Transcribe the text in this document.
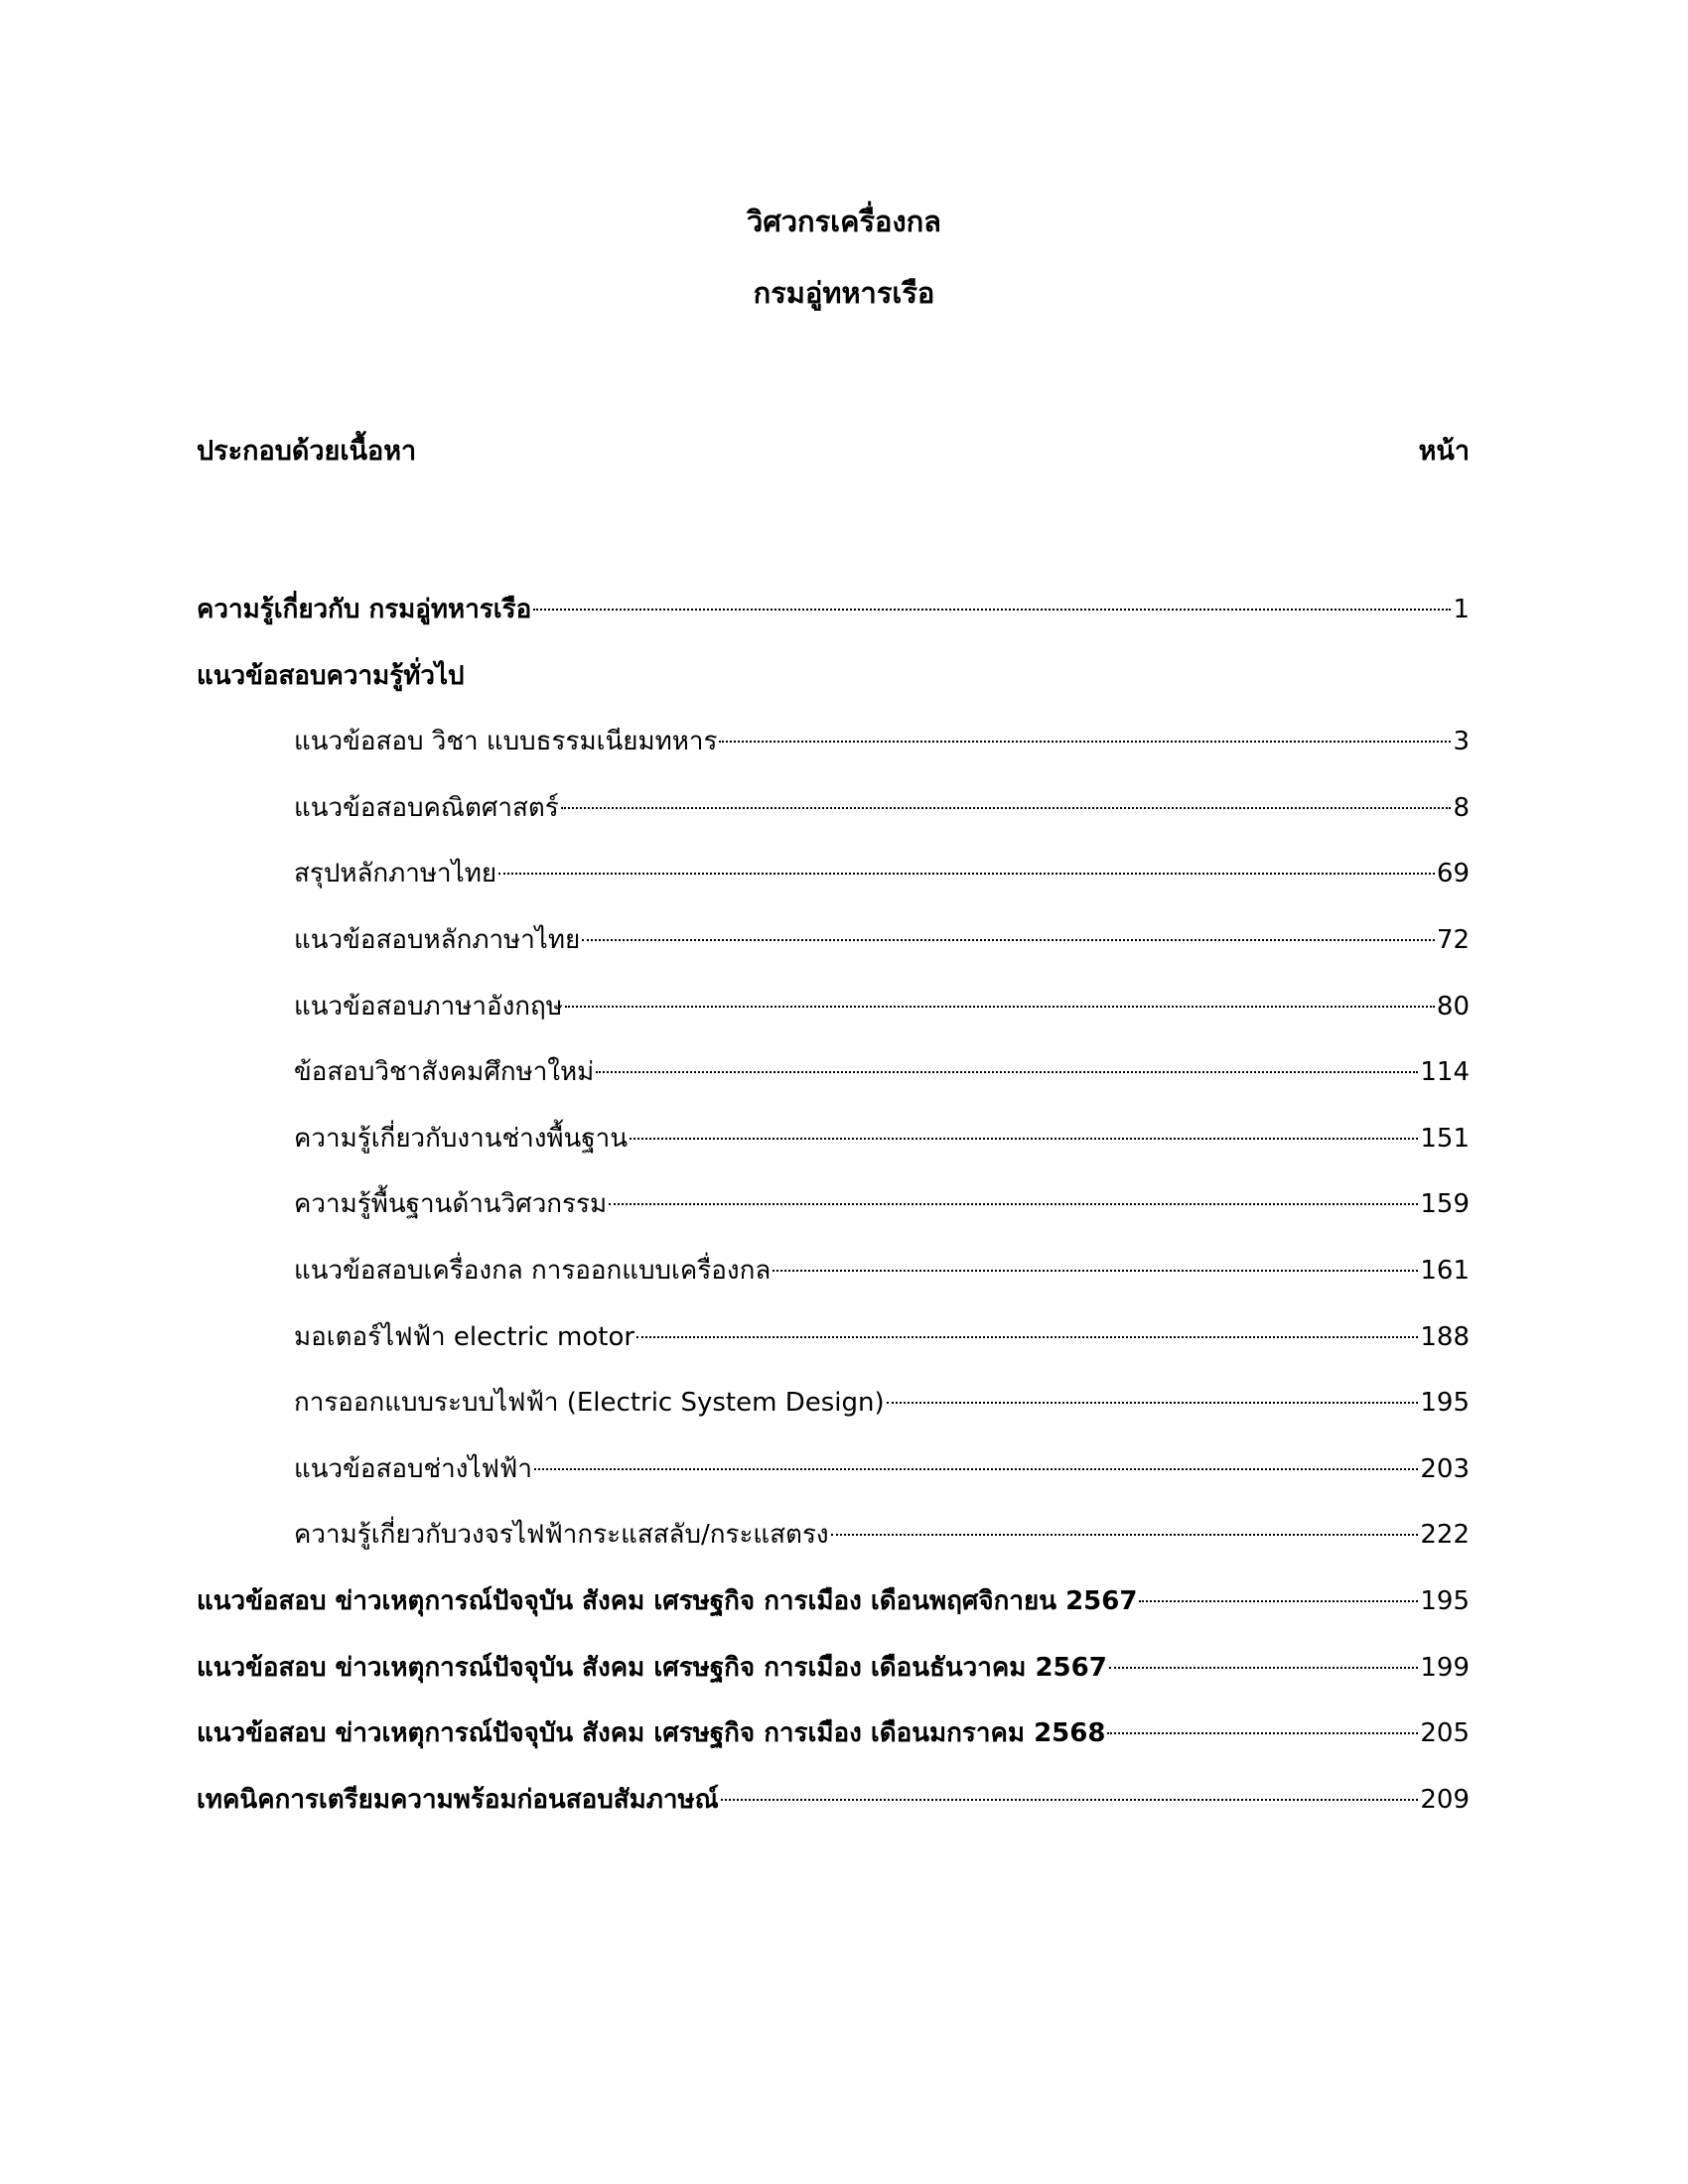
วิศวกรเครื่องกล
กรมอู่ทหารเรือ
ประกอบด้วยเนื้อหา	หน้า
ความรู้เกี่ยวกับ กรมอู่ทหารเรือ	1
แนวข้อสอบความรู้ทั่วไป
แนวข้อสอบ วิชา แบบธรรมเนียมทหาร	3
แนวข้อสอบคณิตศาสตร์	8
สรุปหลักภาษาไทย	69
แนวข้อสอบหลักภาษาไทย	72
แนวข้อสอบภาษาอังกฤษ	80
ข้อสอบวิชาสังคมศึกษาใหม่	114
ความรู้เกี่ยวกับงานช่างพื้นฐาน	151
ความรู้พื้นฐานด้านวิศวกรรม	159
แนวข้อสอบเครื่องกล การออกแบบเครื่องกล	161
มอเตอร์ไฟฟ้า electric motor	188
การออกแบบระบบไฟฟ้า (Electric System Design)	195
แนวข้อสอบช่างไฟฟ้า	203
ความรู้เกี่ยวกับวงจรไฟฟ้ากระแสสลับ/กระแสตรง	222
แนวข้อสอบ ข่าวเหตุการณ์ปัจจุบัน สังคม เศรษฐกิจ การเมือง เดือนพฤศจิกายน 2567	195
แนวข้อสอบ ข่าวเหตุการณ์ปัจจุบัน สังคม เศรษฐกิจ การเมือง เดือนธันวาคม 2567	199
แนวข้อสอบ ข่าวเหตุการณ์ปัจจุบัน สังคม เศรษฐกิจ การเมือง เดือนมกราคม 2568	205
เทคนิคการเตรียมความพร้อมก่อนสอบสัมภาษณ์	209
